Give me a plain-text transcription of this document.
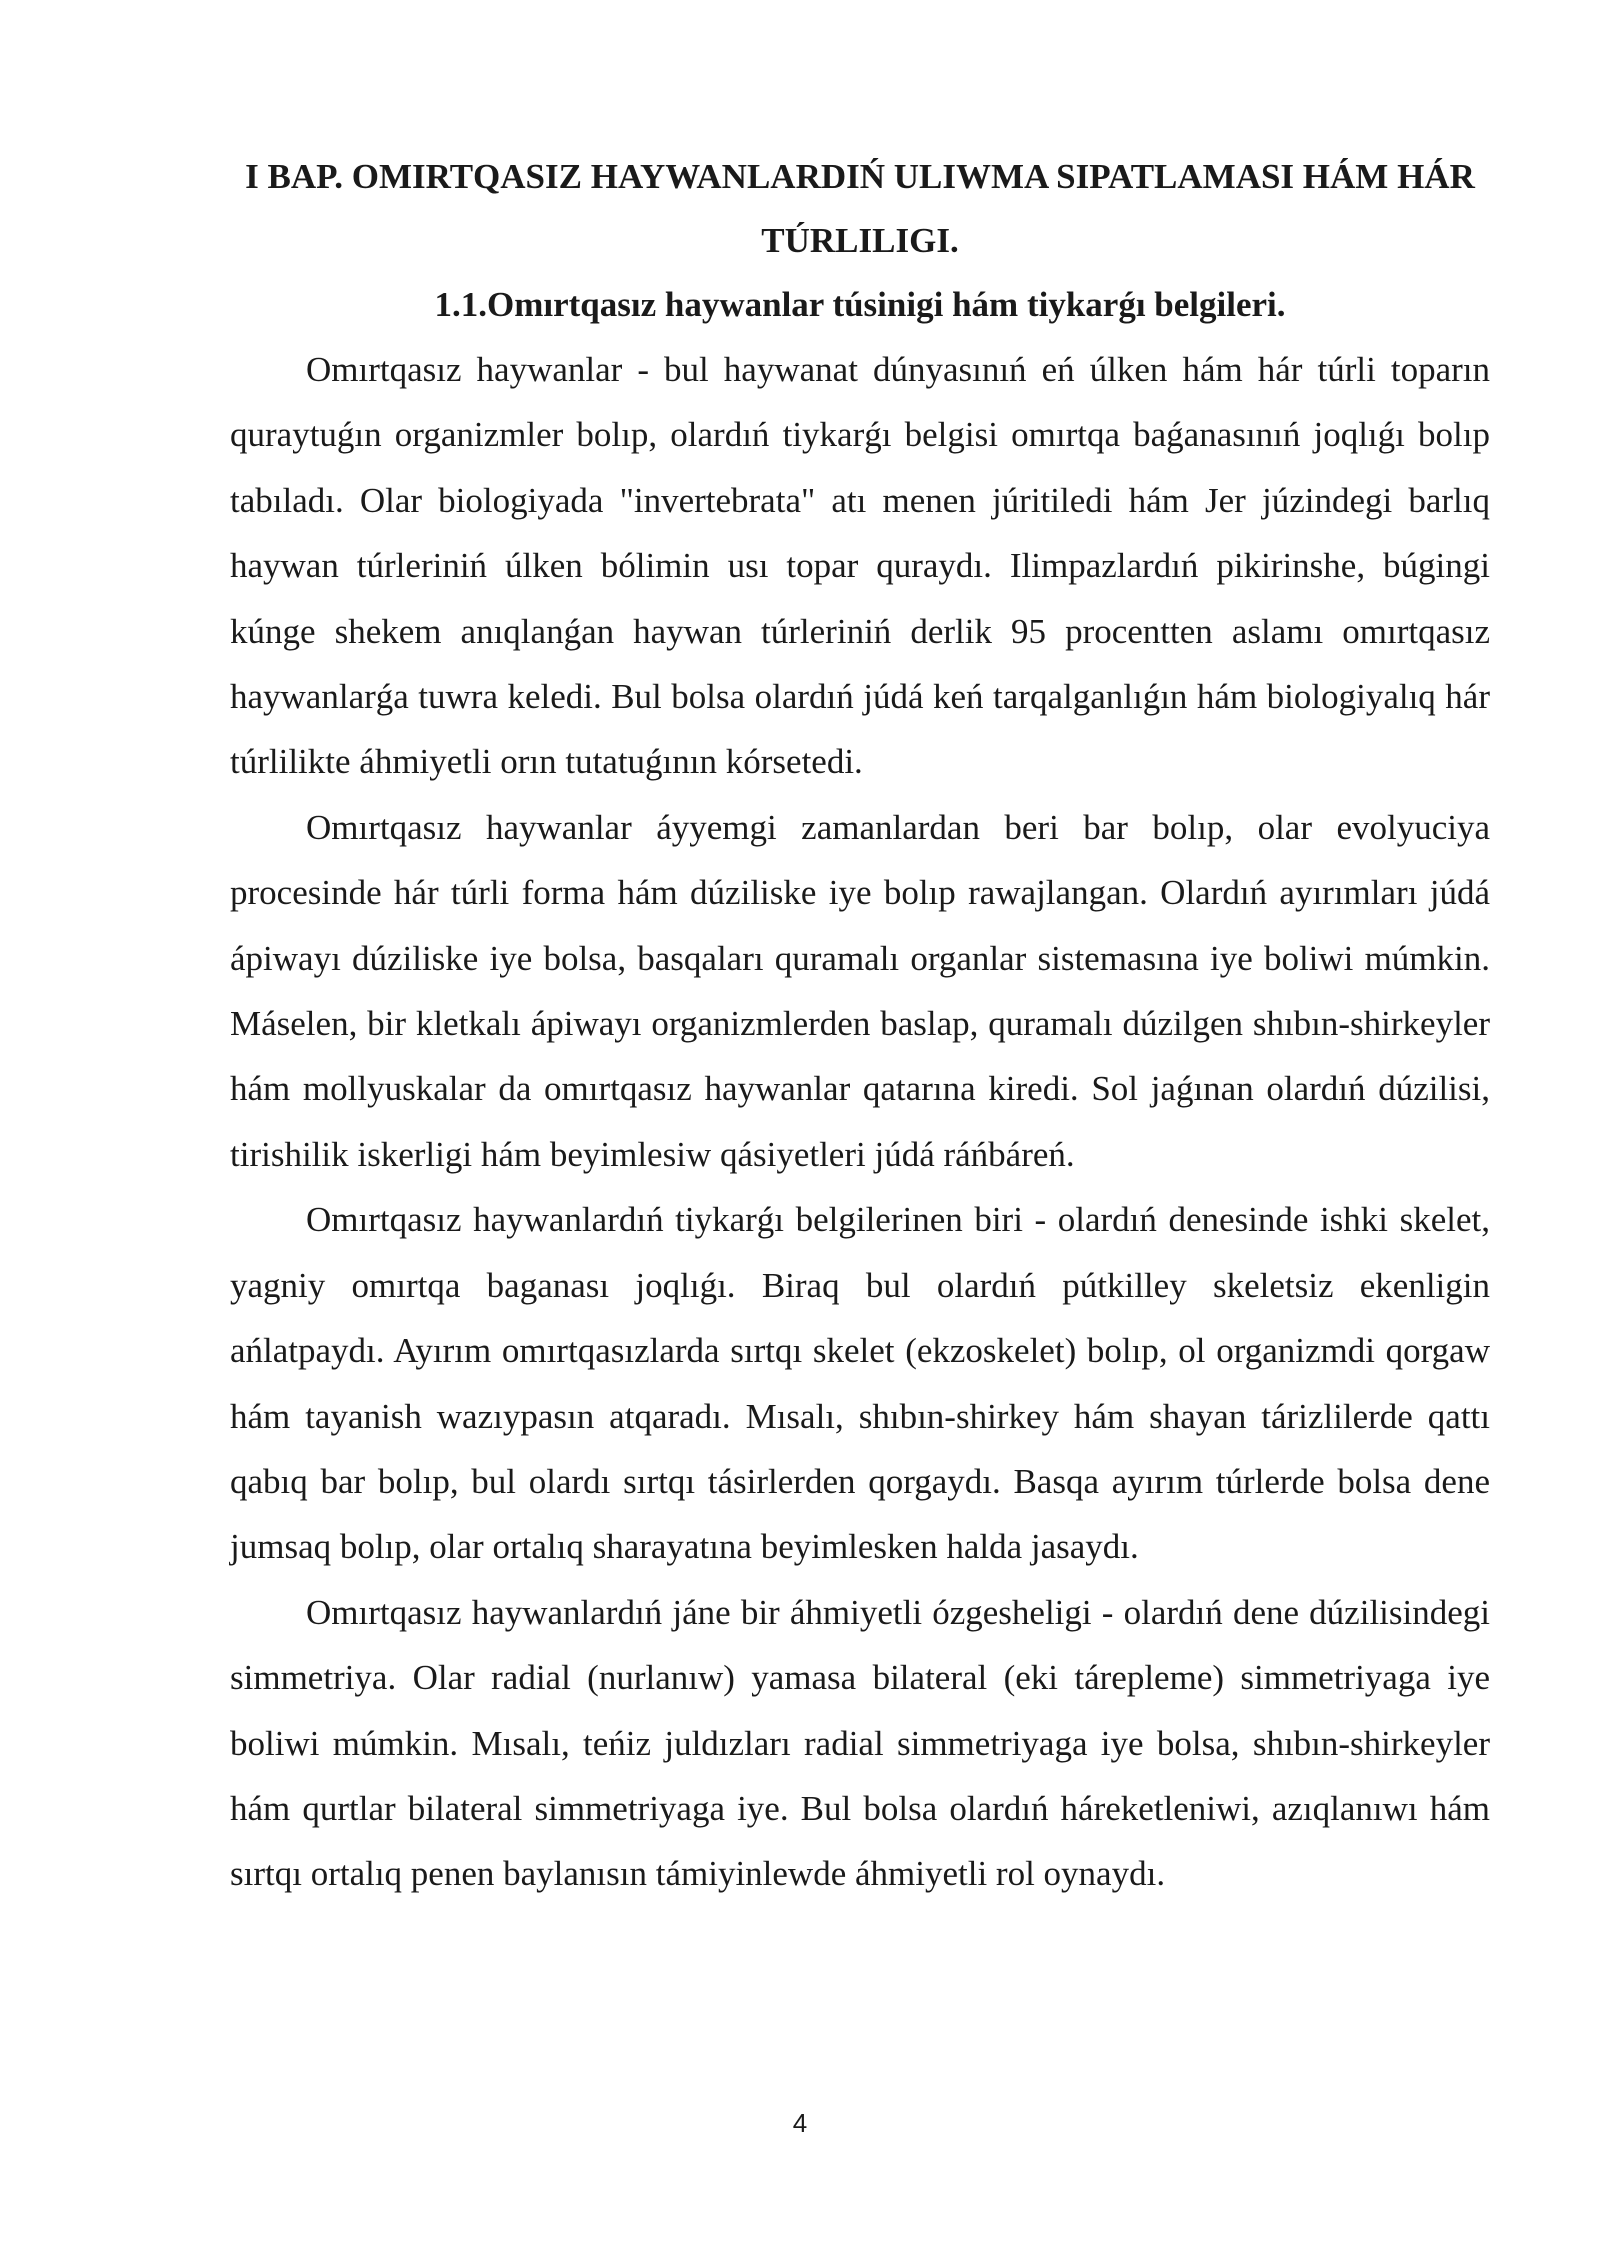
I BAP. OMIRTQASIZ HAYWANLARDIŃ ULIWMA SIPATLAMASI HÁM HÁR TÚRLILIGI.
1.1.Omırtqasız haywanlar túsinigi hám tiykarǵı belgileri.

Omırtqasız haywanlar - bul haywanat dúnyasınıń eń úlken hám hár túrli toparın quraytuǵın organizmler bolıp, olardıń tiykarǵı belgisi omırtqa baǵanasınıń joqlıǵı bolıp tabıladı. Olar biologiyada "invertebrata" atı menen júritiledi hám Jer júzindegi barlıq haywan túrleriniń úlken bólimin usı topar quraydı. Ilimpazlardıń pikirinshe, búgingi kúnge shekem anıqlanǵan haywan túrleriniń derlik 95 procentten aslamı omırtqasız haywanlarǵa tuwra keledi. Bul bolsa olardıń júdá keń tarqalganlıǵın hám biologiyalıq hár túrlilikte áhmiyetli orın tutatuǵının kórsetedi.

Omırtqasız haywanlar áyyemgi zamanlardan beri bar bolıp, olar evolyuciya procesinde hár túrli forma hám dúziliske iye bolıp rawajlangan. Olardıń ayırımları júdá ápiwayı dúziliske iye bolsa, basqaları quramalı organlar sistemasına iye boliwi múmkin. Máselen, bir kletkalı ápiwayı organizmlerden baslap, quramalı dúzilgen shıbın-shirkeyler hám mollyuskalar da omırtqasız haywanlar qatarına kiredi. Sol jaǵınan olardıń dúzilisi, tirishilik iskerligi hám beyimlesiw qásiyetleri júdá ráńbáreń.

Omırtqasız haywanlardıń tiykarǵı belgilerinen biri - olardıń denesinde ishki skelet, yagniy omırtqa baganası joqlıǵı. Biraq bul olardıń pútkilley skeletsiz ekenligin ańlatpaydı. Ayırım omırtqasızlarda sırtqı skelet (ekzoskelet) bolıp, ol organizmdi qorgaw hám tayanish wazıypasın atqaradı. Mısalı, shıbın-shirkey hám shayan tárizlilerde qattı qabıq bar bolıp, bul olardı sırtqı tásirlerden qorgaydı. Basqa ayırım túrlerde bolsa dene jumsaq bolıp, olar ortalıq sharayatına beyimlesken halda jasaydı.

Omırtqasız haywanlardıń jáne bir áhmiyetli ózgesheligi - olardıń dene dúzilisindegi simmetriya. Olar radial (nurlanıw) yamasa bilateral (eki tárepleme) simmetriyaga iye boliwi múmkin. Mısalı, teńiz juldızları radial simmetriyaga iye bolsa, shıbın-shirkeyler hám qurtlar bilateral simmetriyaga iye. Bul bolsa olardıń háreketleniwi, azıqlanıwı hám sırtqı ortalıq penen baylanısın támiyinlewde áhmiyetli rol oynaydı.

4
